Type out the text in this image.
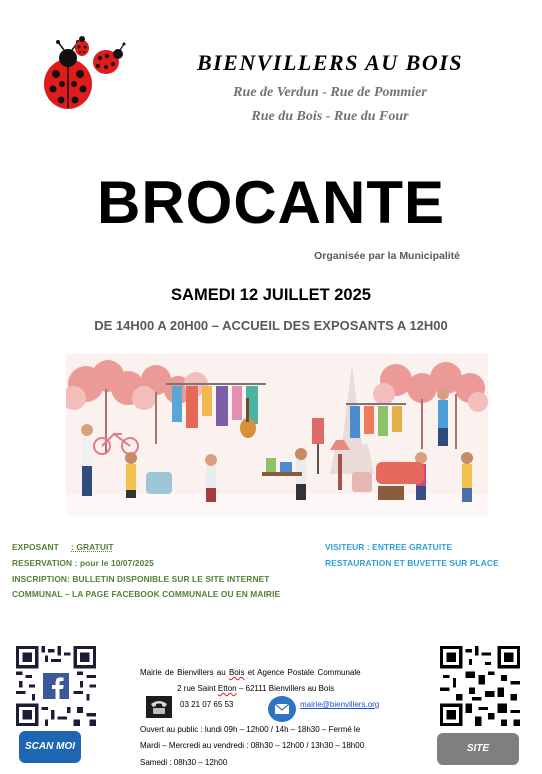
BIENVILLERS AU BOIS
Rue de Verdun - Rue de Pommier
Rue du Bois - Rue du Four
BROCANTE
Organisée par la Municipalité
SAMEDI 12 JUILLET 2025
DE 14H00 A 20H00 – ACCUEIL DES EXPOSANTS A 12H00
EXPOSANT : GRATUIT
RESERVATION : pour le 10/07/2025
INSCRIPTION: BULLETIN DISPONIBLE SUR LE SITE INTERNET
COMMUNAL – LA PAGE FACEBOOK COMMUNALE OU EN MAIRIE
VISITEUR : ENTREE GRATUITE
RESTAURATION ET BUVETTE SUR PLACE
SCAN MOI	SITE
Mairie de Bienvillers au Bois et Agence Postale Communale
2 rue Saint Etton – 62111 Bienvillers au Bois
03 21 07 65 53	mairie@bienvillers.org
Ouvert au public : lundi 09h – 12h00 / 14h – 18h30 – Fermé le
Mardi – Mercredi au vendredi : 08h30 – 12h00 / 13h30 – 18h00
Samedi : 08h30 – 12h00
